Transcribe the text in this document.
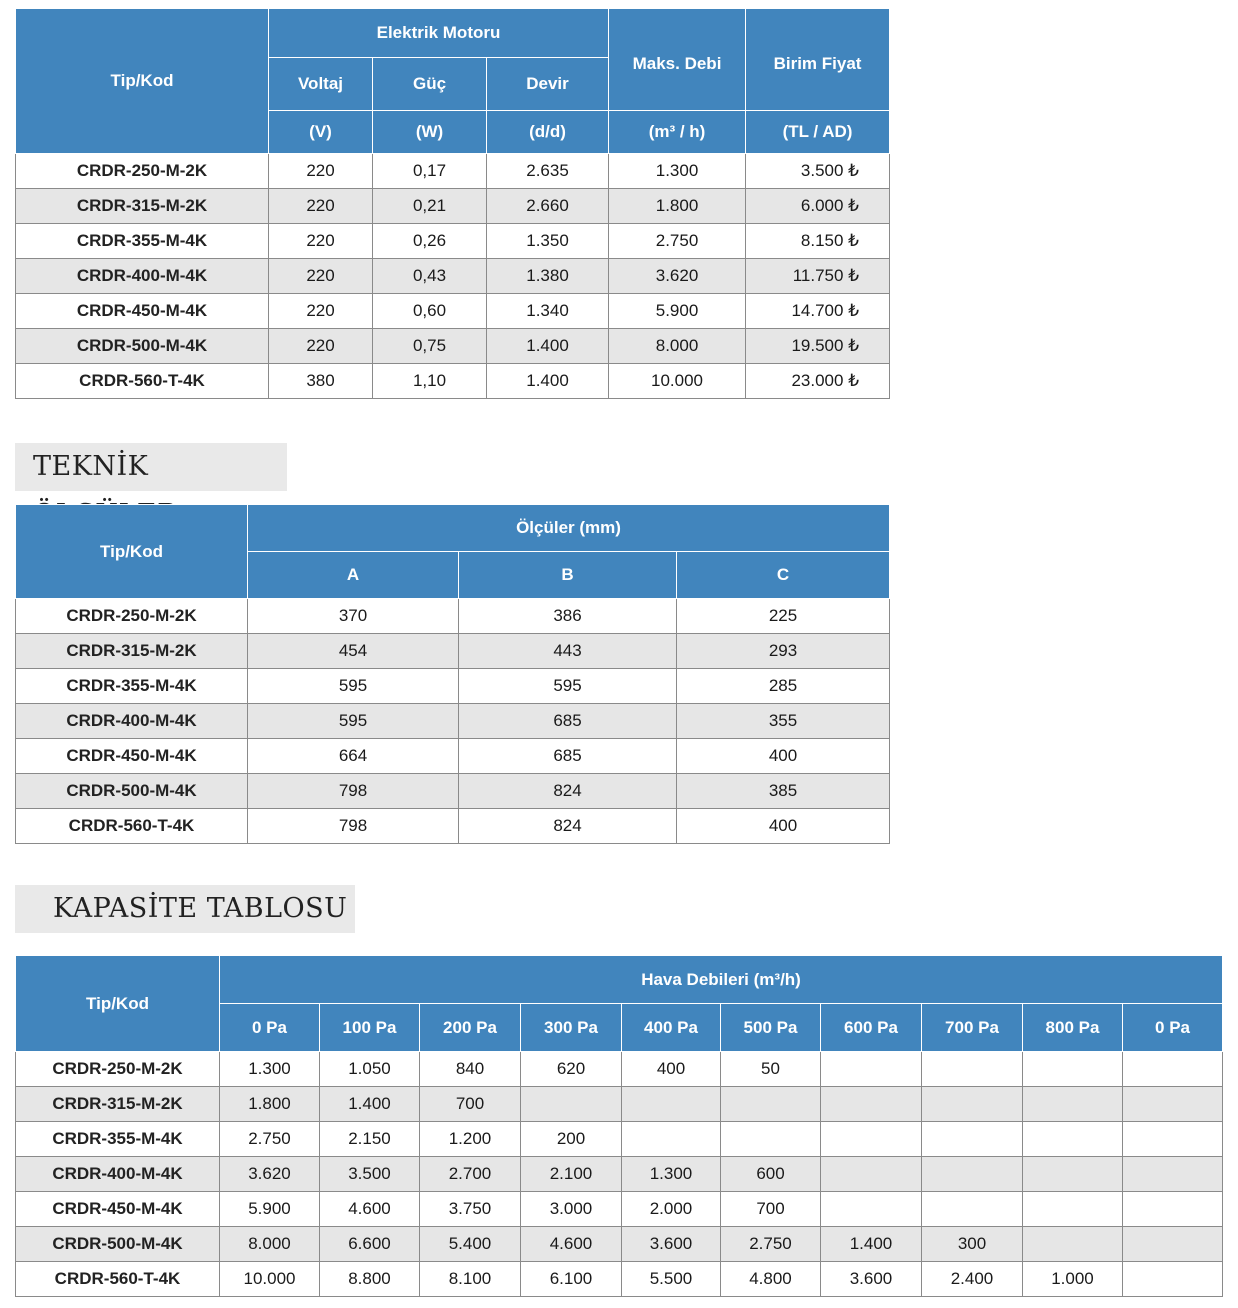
Tip/Kod	Elektrik Motoru			Maks. Debi	Birim Fiyat
	Voltaj	Güç	Devir		
	(V)	(W)	(d/d)	(m³ / h)	(TL / AD)
CRDR-250-M-2K	220	0,17	2.635	1.300	3.500 ₺
CRDR-315-M-2K	220	0,21	2.660	1.800	6.000 ₺
CRDR-355-M-4K	220	0,26	1.350	2.750	8.150 ₺
CRDR-400-M-4K	220	0,43	1.380	3.620	11.750 ₺
CRDR-450-M-4K	220	0,60	1.340	5.900	14.700 ₺
CRDR-500-M-4K	220	0,75	1.400	8.000	19.500 ₺
CRDR-560-T-4K	380	1,10	1.400	10.000	23.000 ₺
TEKNİK
Tip/Kod	Ölçüler (mm)		
	A	B	C
CRDR-250-M-2K	370	386	225
CRDR-315-M-2K	454	443	293
CRDR-355-M-4K	595	595	285
CRDR-400-M-4K	595	685	355
CRDR-450-M-4K	664	685	400
CRDR-500-M-4K	798	824	385
CRDR-560-T-4K	798	824	400
KAPASİTE TABLOSU
Tip/Kod	Hava Debileri (m³/h)									
	0 Pa	100 Pa	200 Pa	300 Pa	400 Pa	500 Pa	600 Pa	700 Pa	800 Pa	0 Pa
CRDR-250-M-2K	1.300	1.050	840	620	400	50				
CRDR-315-M-2K	1.800	1.400	700							
CRDR-355-M-4K	2.750	2.150	1.200	200						
CRDR-400-M-4K	3.620	3.500	2.700	2.100	1.300	600				
CRDR-450-M-4K	5.900	4.600	3.750	3.000	2.000	700				
CRDR-500-M-4K	8.000	6.600	5.400	4.600	3.600	2.750	1.400	300		
CRDR-560-T-4K	10.000	8.800	8.100	6.100	5.500	4.800	3.600	2.400	1.000	
